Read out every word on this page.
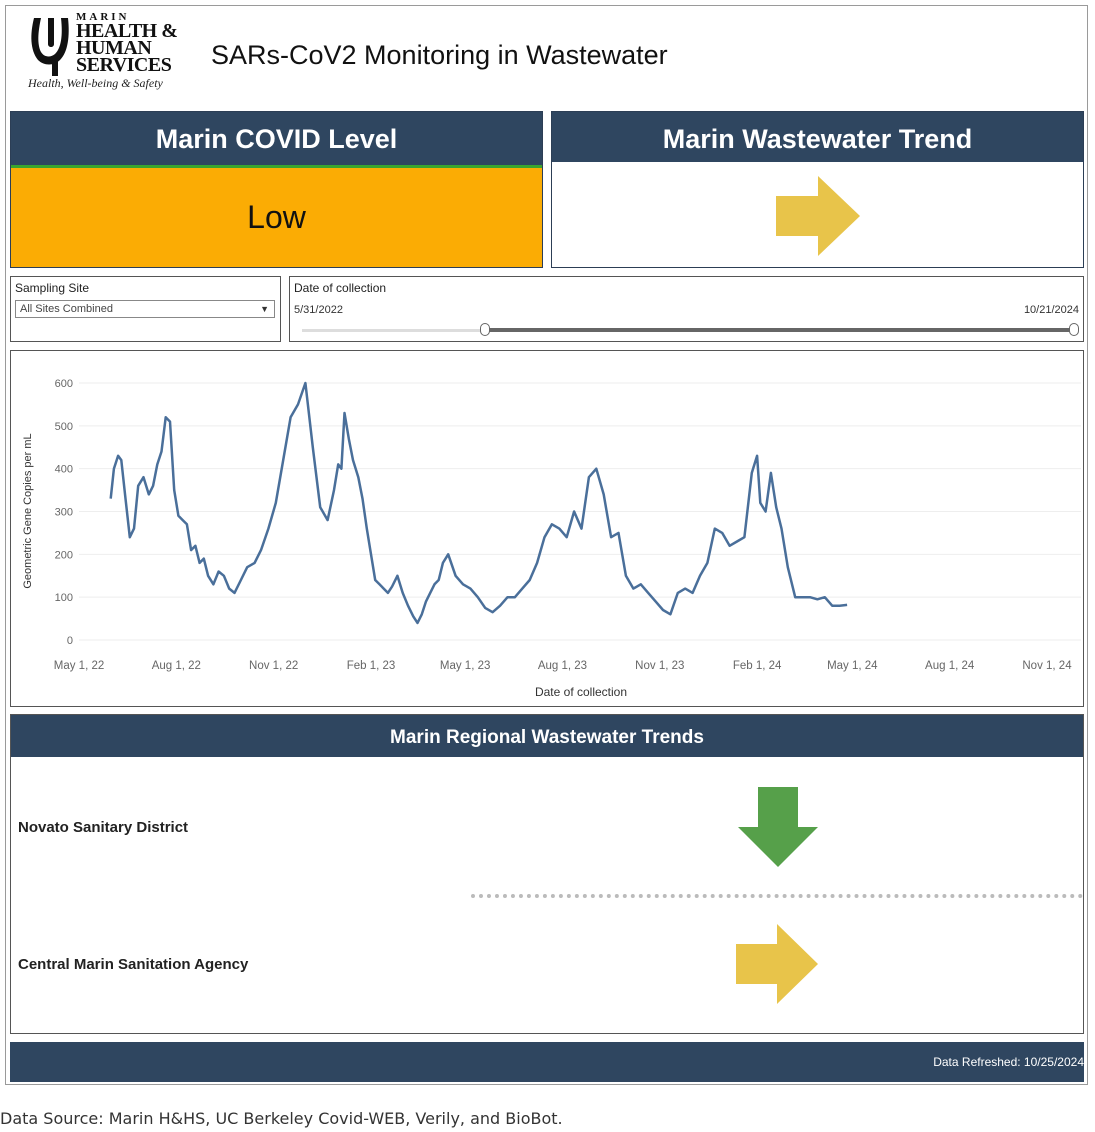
MARIN
HEALTH &
HUMAN
SERVICES
Health, Well-being & Safety
SARs-CoV2 Monitoring in Wastewater
Marin COVID Level
Low
Marin Wastewater Trend
Sampling Site
All Sites Combined	▼
Date of collection
5/31/2022	10/21/2024
600
500
400
300
200
100
0
May 1, 22	Aug 1, 22	Nov 1, 22	Feb 1, 23	May 1, 23	Aug 1, 23	Nov 1, 23	Feb 1, 24	May 1, 24	Aug 1, 24	Nov 1, 24
Date of collection
Geometric Gene Copies per mL
Marin Regional Wastewater Trends
Novato Sanitary District
Central Marin Sanitation Agency
Data Refreshed: 10/25/2024
Data Source: Marin H&HS, UC Berkeley Covid-WEB, Verily, and BioBot.
